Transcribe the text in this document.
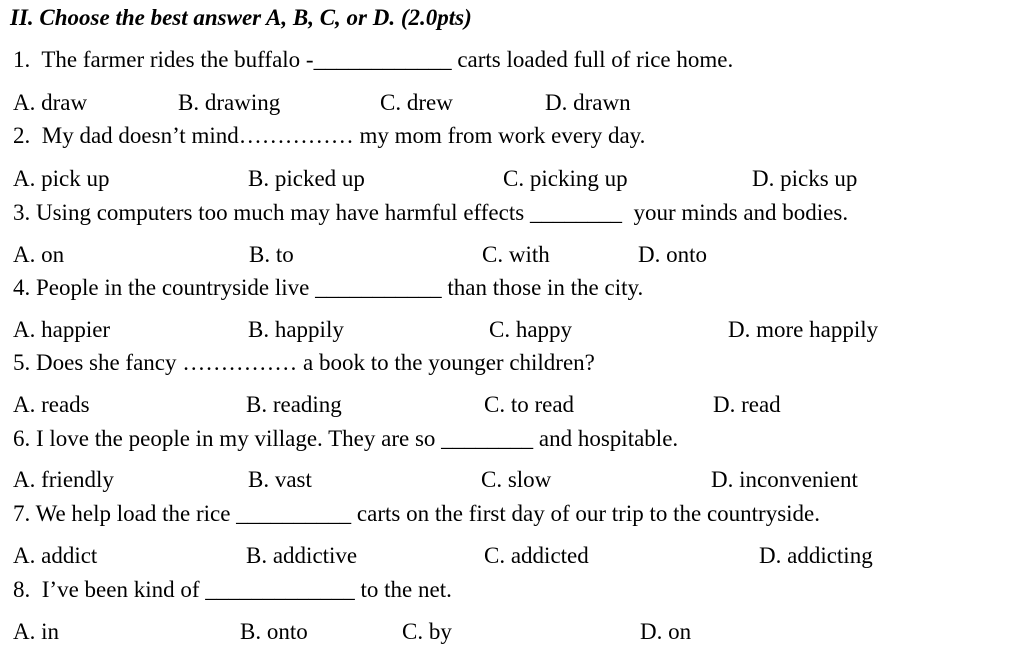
II. Choose the best answer A, B, C, or D. (2.0pts)
1.  The farmer rides the buffalo -____________ carts loaded full of rice home.
A. draw	B. drawing	C. drew	D. drawn
2.  My dad doesn’t mind…………… my mom from work every day.
A. pick up	B. picked up	C. picking up	D. picks up
3. Using computers too much may have harmful effects ________  your minds and bodies.
A. on	B. to	C. with	D. onto
4. People in the countryside live ___________ than those in the city.
A. happier	B. happily	C. happy	D. more happily
5. Does she fancy …………… a book to the younger children?
A. reads	B. reading	C. to read	D. read
6. I love the people in my village. They are so ________ and hospitable.
A. friendly	B. vast	C. slow	D. inconvenient
7. We help load the rice __________ carts on the first day of our trip to the countryside.
A. addict	B. addictive	C. addicted	D. addicting
8.  I’ve been kind of _____________ to the net.
A. in	B. onto	C. by	D. on
